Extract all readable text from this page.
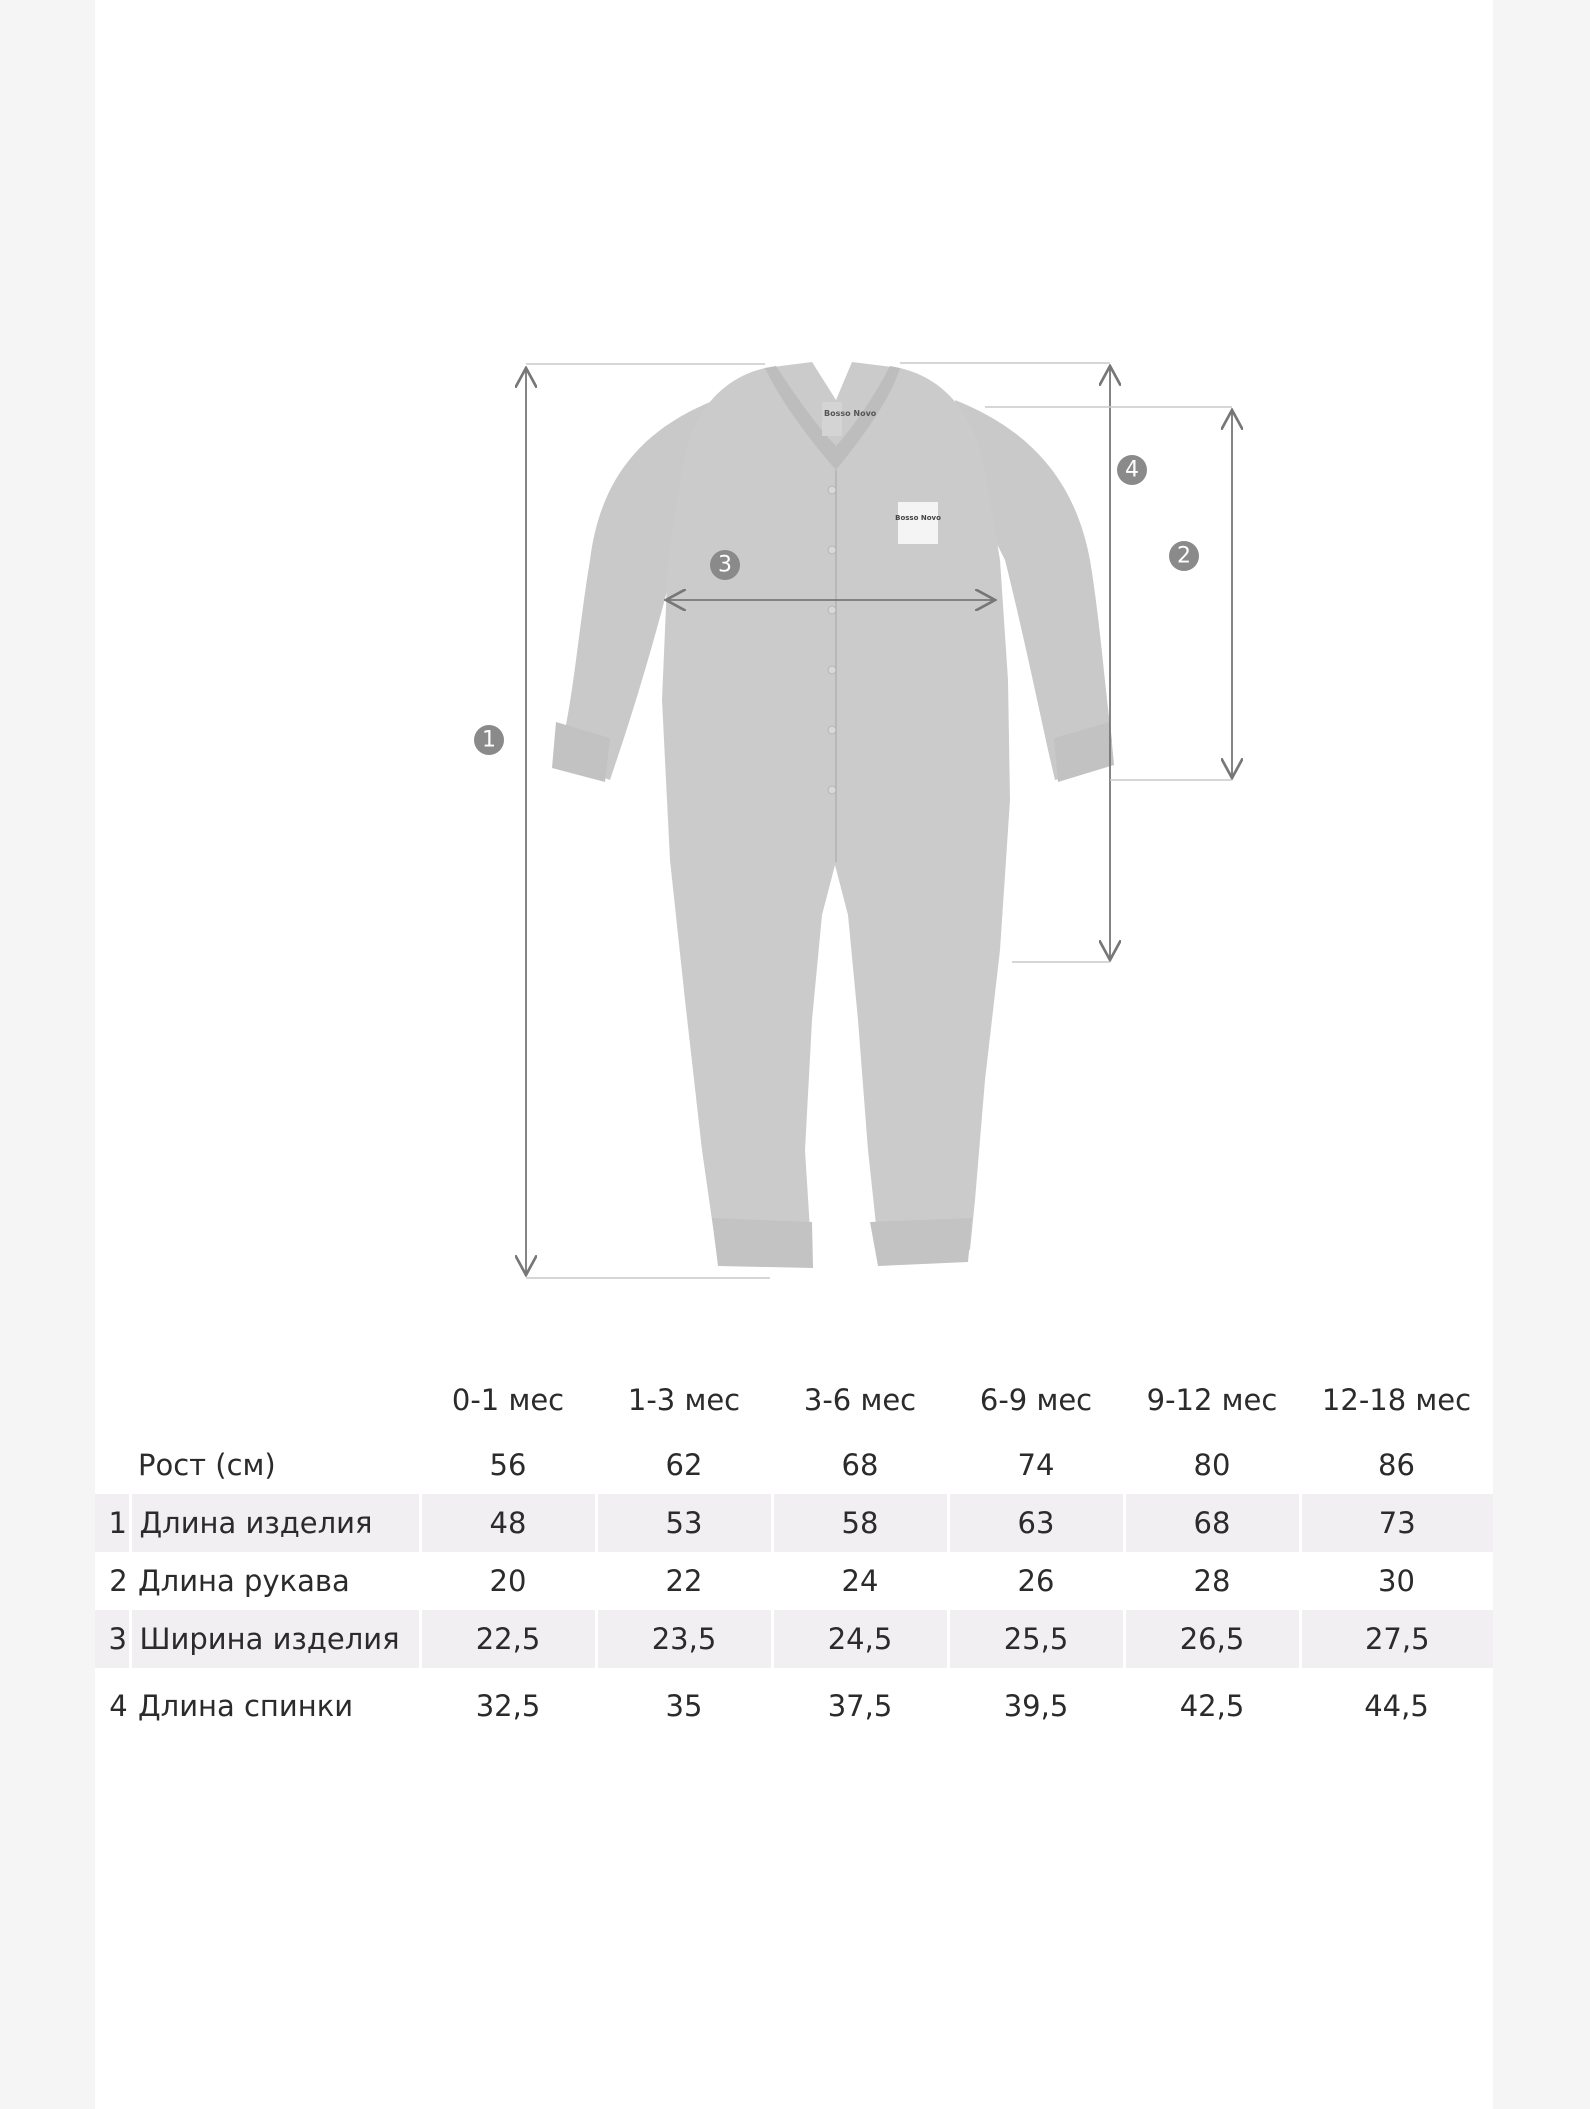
Bosso Novo
Bosso Novo
1
2
3
4
		0-1 мес	1-3 мес	3-6 мес	6-9 мес	9-12 мес	12-18 мес
	Рост (см)	56	62	68	74	80	86
1	Длина изделия	48	53	58	63	68	73
2	Длина рукава	20	22	24	26	28	30
3	Ширина изделия	22,5	23,5	24,5	25,5	26,5	27,5
4	Длина спинки	32,5	35	37,5	39,5	42,5	44,5
